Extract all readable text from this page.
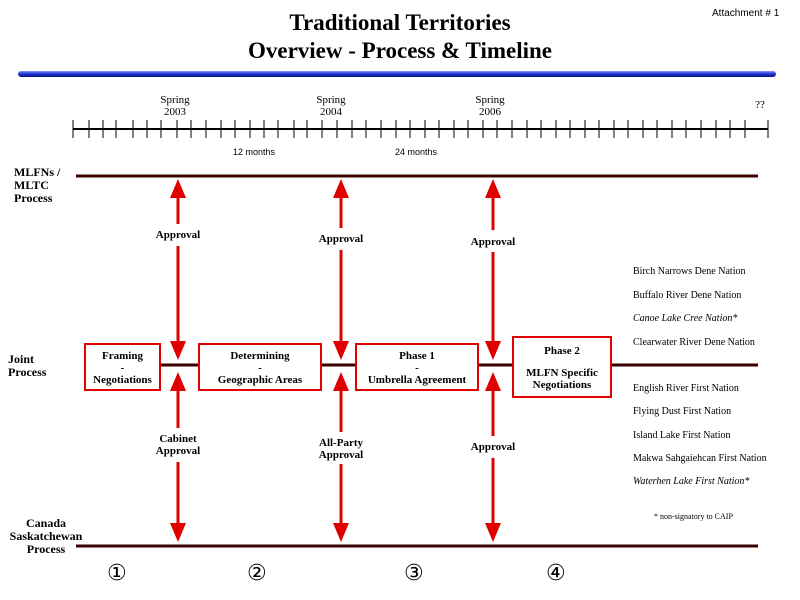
Attachment # 1
Traditional Territories
Overview - Process & Timeline
Spring
2003
Spring
2004
Spring
2006
??
12 months	24 months
MLFNs /
MLTC
Process
Joint
Process
Canada
Saskatchewan
Process
Framing
-
Negotiations
Determining
-
Geographic Areas
Phase 1
-
Umbrella Agreement
Phase 2
MLFN Specific
Negotiations
Approval	Approval	Approval
Cabinet
Approval
All-Party
Approval
Approval
Birch Narrows Dene Nation
Buffalo River Dene Nation
Canoe Lake Cree Nation*
Clearwater River Dene Nation
English River First Nation
Flying Dust First Nation
Island Lake First Nation
Makwa Sahgaiehcan First Nation
Waterhen Lake First Nation*
* non-signatory to CAIP
①	②	③	④
